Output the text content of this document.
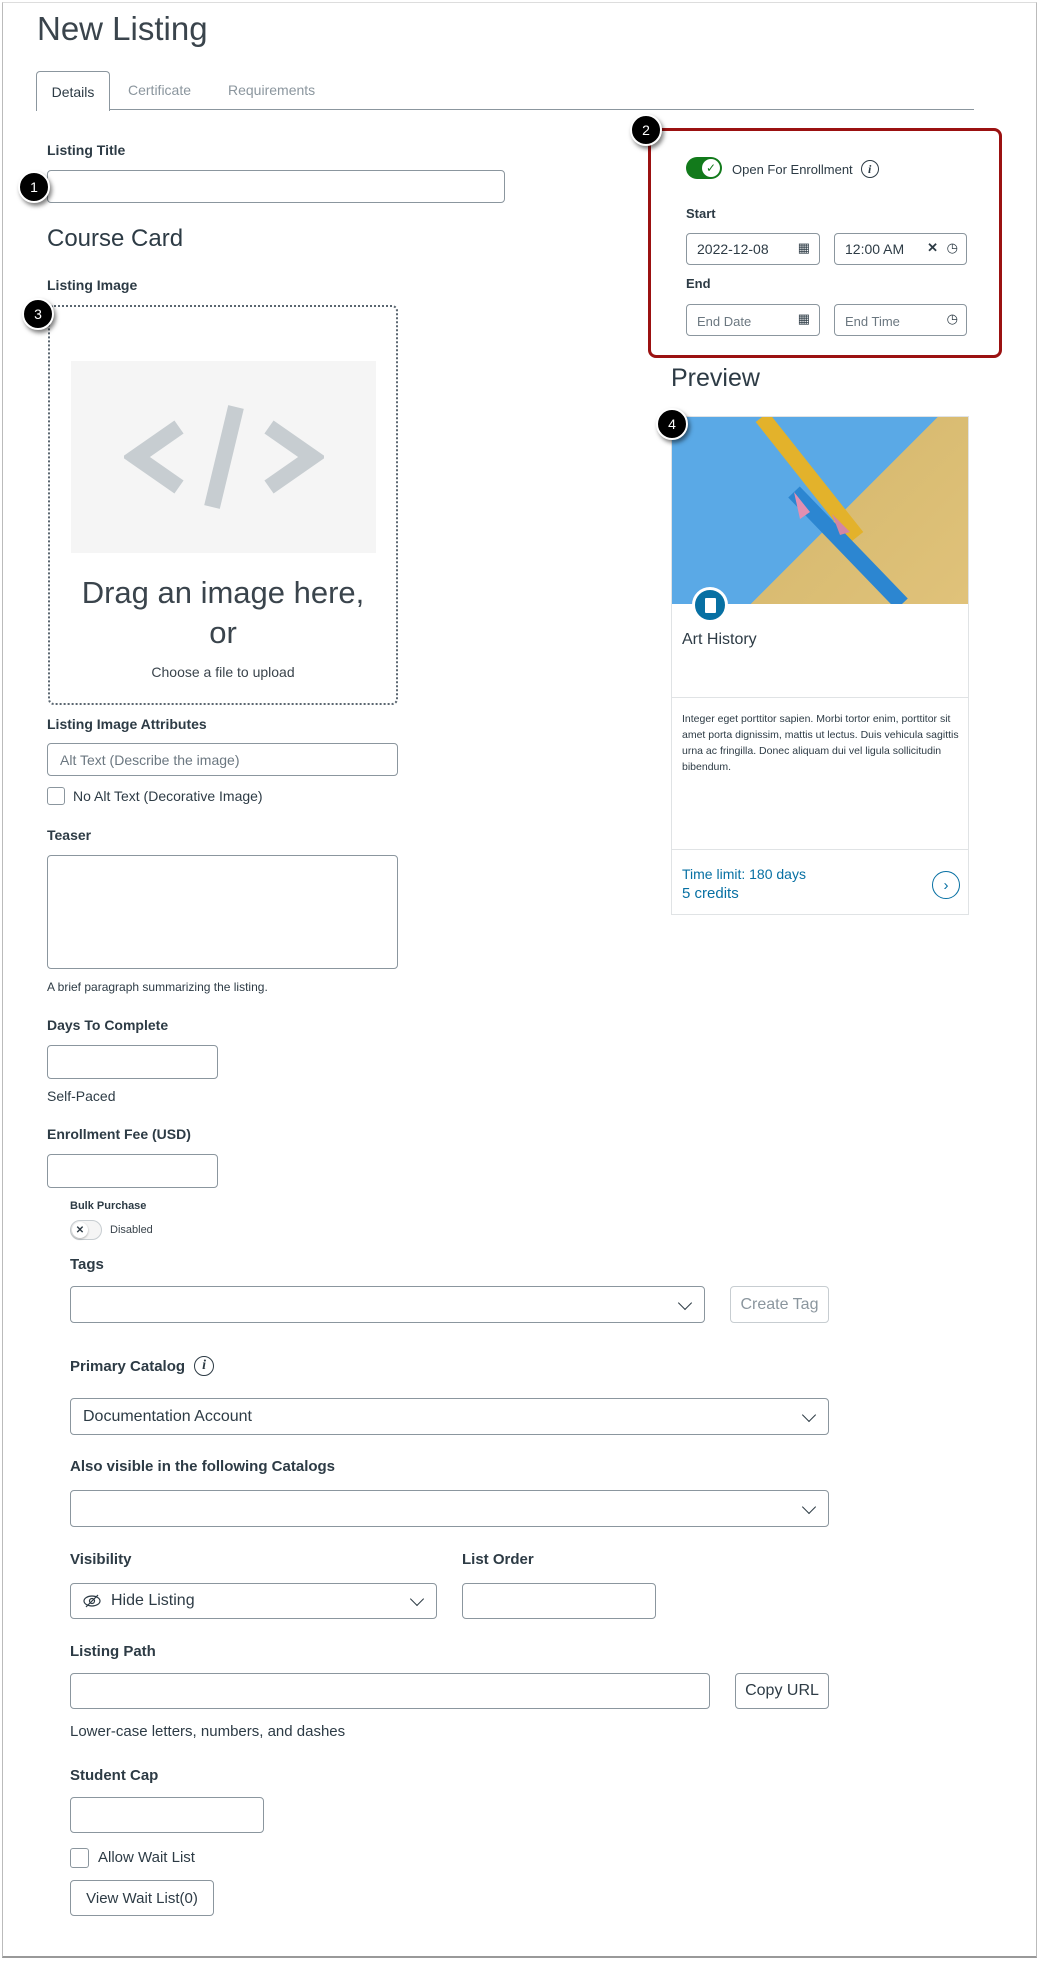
New Listing
Details	Certificate	Requirements
Listing Title
Course Card
Listing Image
Drag an image here,
or
Choose a file to upload
Listing Image Attributes
Alt Text (Describe the image)
No Alt Text (Decorative Image)
Teaser
A brief paragraph summarizing the listing.
Days To Complete
Self-Paced
Enrollment Fee (USD)
Bulk Purchase
✕	Disabled
Tags
Create Tag
Primary Catalog	i
Documentation Account
Also visible in the following Catalogs
Visibility	List Order
Hide Listing
Listing Path
Copy URL
Lower-case letters, numbers, and dashes
Student Cap
Allow Wait List
View Wait List(0)
✓	Open For Enrollment	i
Start
2022-12-08 ▦	12:00 AM ✕ ◷
End
End Date	▦	End Time	◷
Preview
Art History
Integer eget porttitor sapien. Morbi tortor enim, porttitor sit amet porta dignissim, mattis ut lectus. Duis vehicula sagittis urna ac fringilla. Donec aliquam dui vel ligula sollicitudin bibendum.
Time limit: 180 days
5 credits	›
1
2
3
4
